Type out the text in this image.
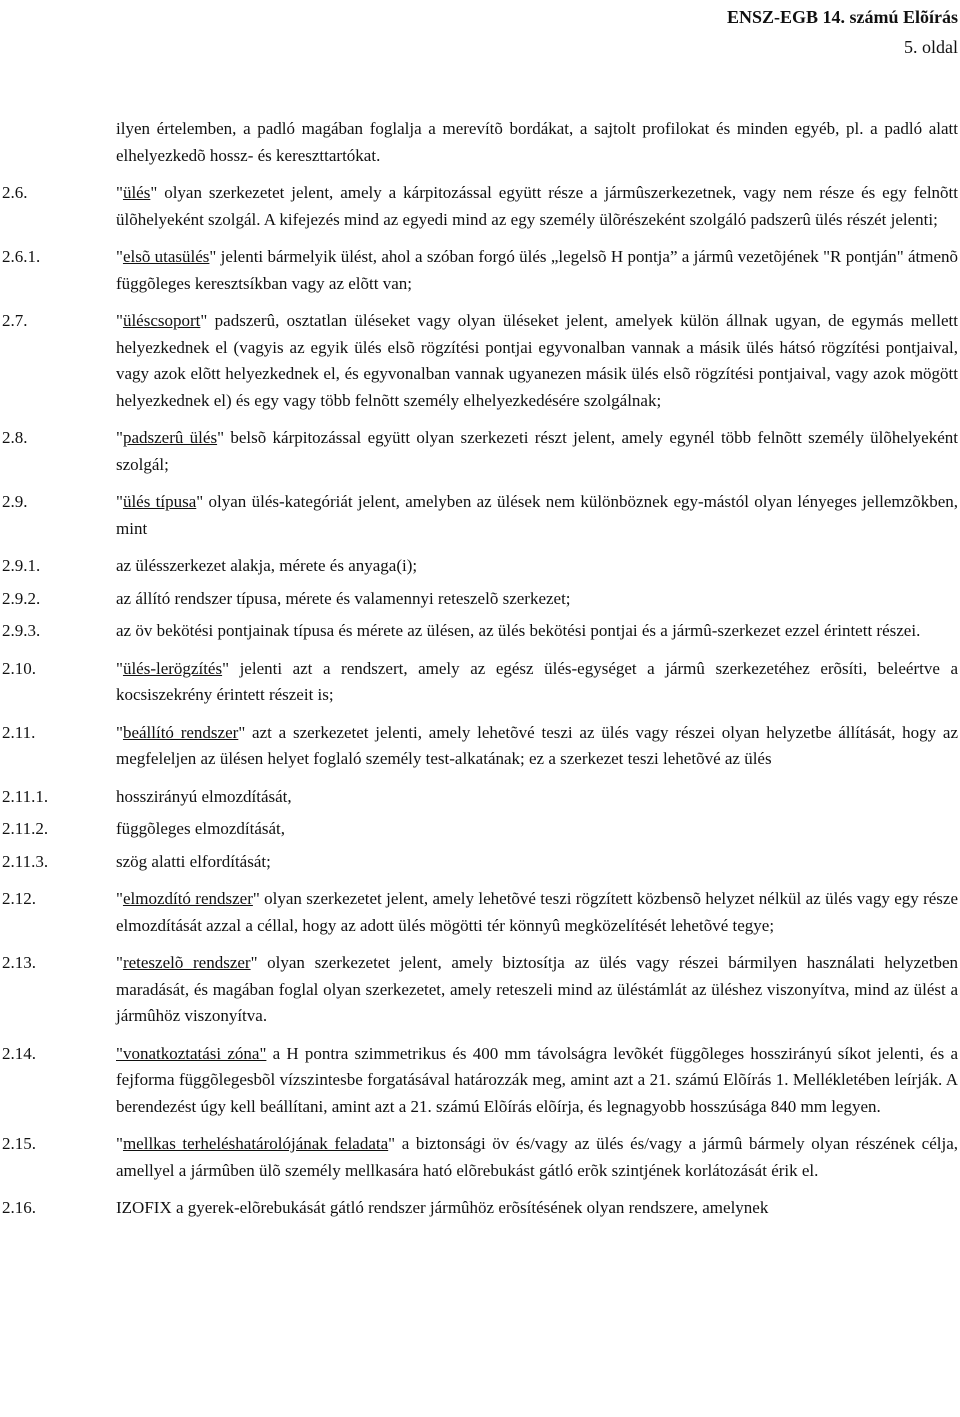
ENSZ-EGB 14. számú Elõírás
5. oldal
ilyen értelemben, a padló magában foglalja a merevítõ bordákat, a sajtolt profilokat és minden egyéb, pl. a padló alatt elhelyezkedõ hossz- és kereszttartókat.
2.6.	"ülés" olyan szerkezetet jelent, amely a kárpitozással együtt része a jármûszerkezetnek, vagy nem része és egy felnõtt ülõhelyeként szolgál. A kifejezés mind az egyedi mind az egy személy ülõrészeként szolgáló padszerû ülés részét jelenti;
2.6.1.	"elsõ utasülés" jelenti bármelyik ülést, ahol a szóban forgó ülés „legelsõ H pontja” a jármû vezetõjének "R pontján" átmenõ függõleges keresztsíkban vagy az elõtt van;
2.7.	"üléscsoport" padszerû, osztatlan üléseket vagy olyan üléseket jelent, amelyek külön állnak ugyan, de egymás mellett helyezkednek el (vagyis az egyik ülés elsõ rögzítési pontjai egyvonalban vannak a másik ülés hátsó rögzítési pontjaival, vagy azok elõtt helyezkednek el, és egyvonalban vannak ugyanezen másik ülés elsõ rögzítési pontjaival, vagy azok mögött helyezkednek el) és egy vagy több felnõtt személy elhelyezkedésére szolgálnak;
2.8.	"padszerû ülés" belsõ kárpitozással együtt olyan szerkezeti részt jelent, amely egynél több felnõtt személy ülõhelyeként szolgál;
2.9.	"ülés típusa" olyan ülés-kategóriát jelent, amelyben az ülések nem különböznek egy-mástól olyan lényeges jellemzõkben, mint
2.9.1.	az ülésszerkezet alakja, mérete és anyaga(i);
2.9.2.	az állító rendszer típusa, mérete és valamennyi reteszelõ szerkezet;
2.9.3.	az öv bekötési pontjainak típusa és mérete az ülésen, az ülés bekötési pontjai és a jármû-szerkezet ezzel érintett részei.
2.10.	"ülés-lerögzítés" jelenti azt a rendszert, amely az egész ülés-egységet a jármû szerkezetéhez erõsíti, beleértve a kocsiszekrény érintett részeit is;
2.11.	"beállító rendszer" azt a szerkezetet jelenti, amely lehetõvé teszi az ülés vagy részei olyan helyzetbe állítását, hogy az megfeleljen az ülésen helyet foglaló személy test-alkatának; ez a szerkezet teszi lehetõvé az ülés
2.11.1.	hosszirányú elmozdítását,
2.11.2.	függõleges elmozdítását,
2.11.3.	szög alatti elfordítását;
2.12.	"elmozdító rendszer" olyan szerkezetet jelent, amely lehetõvé teszi rögzített közbensõ helyzet nélkül az ülés vagy egy része elmozdítását azzal a céllal, hogy az adott ülés mögötti tér könnyû megközelítését lehetõvé tegye;
2.13.	"reteszelõ rendszer" olyan szerkezetet jelent, amely biztosítja az ülés vagy részei bármilyen használati helyzetben maradását, és magában foglal olyan szerkezetet, amely reteszeli mind az üléstámlát az üléshez viszonyítva, mind az ülést a jármûhöz viszonyítva.
2.14.	"vonatkoztatási zóna" a H pontra szimmetrikus és 400 mm távolságra levõkét függõleges hosszirányú síkot jelenti, és a fejforma függõlegesbõl vízszintesbe forgatásával határozzák meg, amint azt a 21. számú Elõírás 1. Mellékletében leírják. A berendezést úgy kell beállítani, amint azt a 21. számú Elõírás elõírja, és legnagyobb hosszúsága 840 mm legyen.
2.15.	"mellkas terheléshatárolójának feladata" a biztonsági öv és/vagy az ülés és/vagy a jármû bármely olyan részének célja, amellyel a jármûben ülõ személy mellkasára ható elõrebukást gátló erõk szintjének korlátozását érik el.
2.16.	IZOFIX a gyerek-elõrebukását gátló rendszer jármûhöz erõsítésének olyan rendszere, amelynek
